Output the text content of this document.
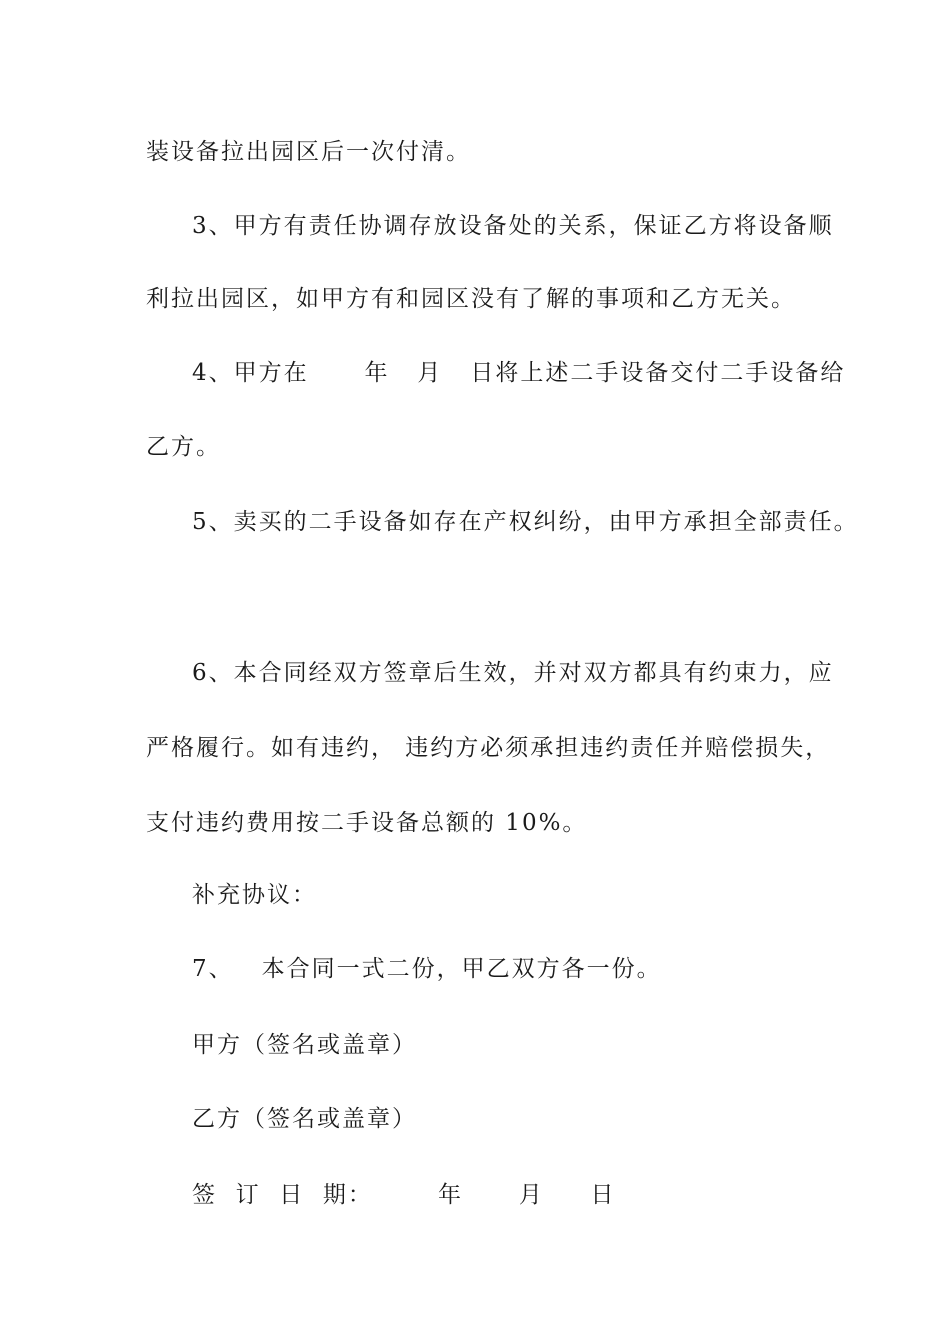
装设备拉出园区后一次付清。
3、甲方有责任协调存放设备处的关系，保证乙方将设备顺
利拉出园区，如甲方有和园区没有了解的事项和乙方无关。
4、甲方在      年   月   日将上述二手设备交付二手设备给
乙方。
5、卖买的二手设备如存在产权纠纷，由甲方承担全部责任。
6、本合同经双方签章后生效，并对双方都具有约束力，应
严格履行。如有违约， 违约方必须承担违约责任并赔偿损失，
支付违约费用按二手设备总额的 10%。
补充协议：
7、   本合同一式二份，甲乙双方各一份。
甲方（签名或盖章）
乙方（签名或盖章）
签  订  日  期：       年      月     日
